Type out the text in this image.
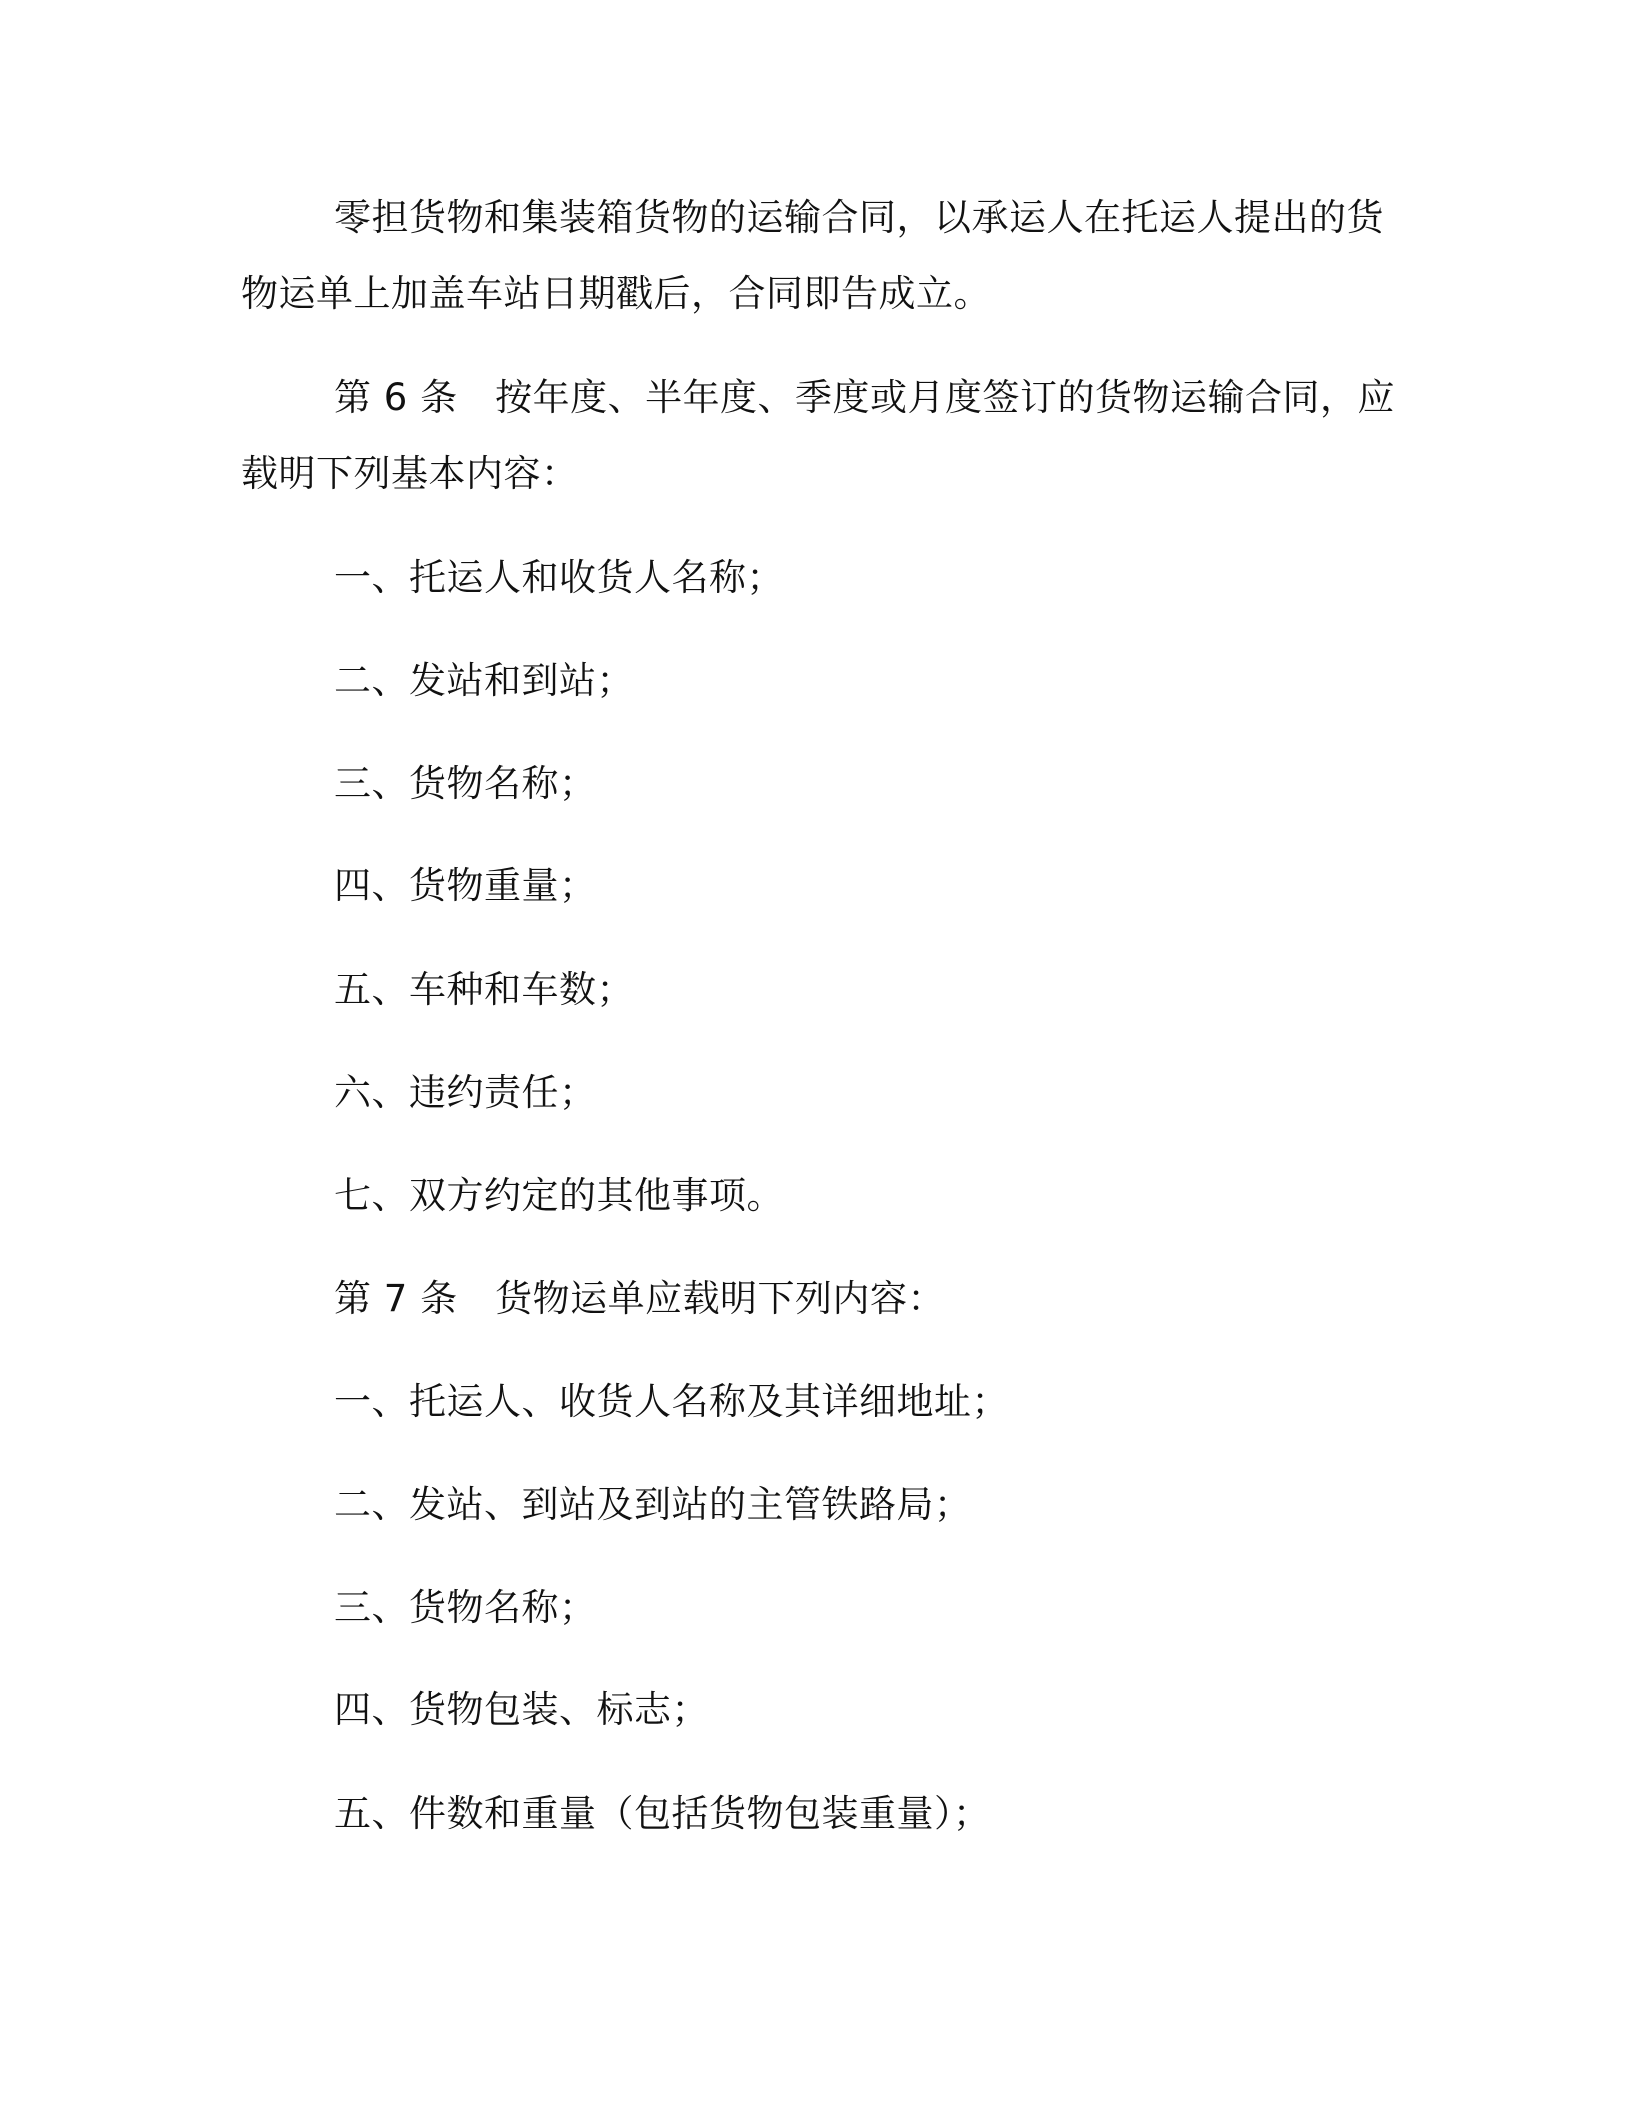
零担货物和集装箱货物的运输合同，以承运人在托运人提出的货
物运单上加盖车站日期戳后，合同即告成立。
第 6 条　按年度、半年度、季度或月度签订的货物运输合同，应
载明下列基本内容：
一、托运人和收货人名称；
二、发站和到站；
三、货物名称；
四、货物重量；
五、车种和车数；
六、违约责任；
七、双方约定的其他事项。
第 7 条　货物运单应载明下列内容：
一、托运人、收货人名称及其详细地址；
二、发站、到站及到站的主管铁路局；
三、货物名称；
四、货物包装、标志；
五、件数和重量（包括货物包装重量）；
